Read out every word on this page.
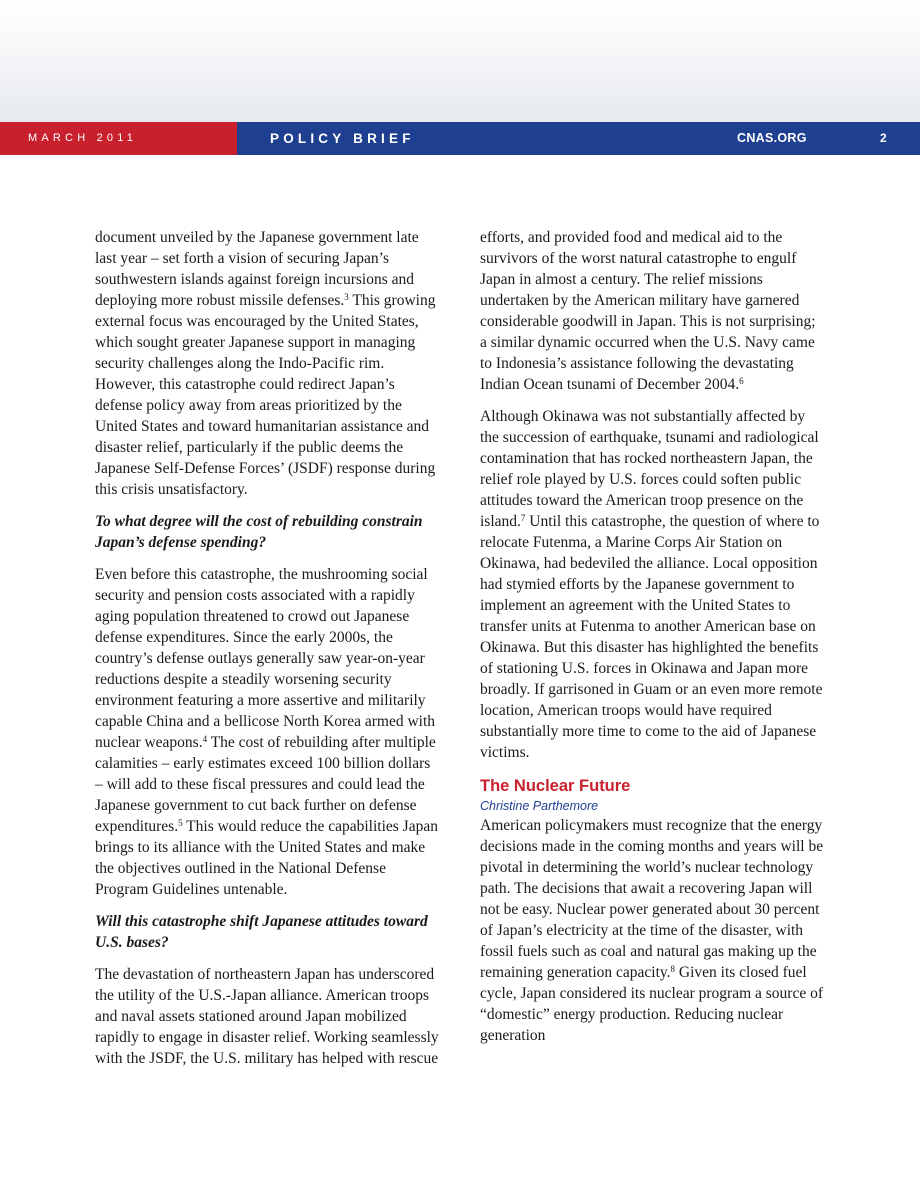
MARCH 2011	POLICY BRIEF	CNAS.ORG	2

document unveiled by the Japanese government late last year – set forth a vision of securing Japan’s southwestern islands against foreign incursions and deploying more robust missile defenses.$^3$ This growing external focus was encouraged by the United States, which sought greater Japanese support in managing security challenges along the Indo-Pacific rim. However, this catastrophe could redirect Japan’s defense policy away from areas prioritized by the United States and toward humanitarian assistance and disaster relief, particularly if the public deems the Japanese Self-Defense Forces’ (JSDF) response during this crisis unsatisfactory.

To what degree will the cost of rebuilding constrain Japan’s defense spending?

Even before this catastrophe, the mushrooming social security and pension costs associated with a rapidly aging population threatened to crowd out Japanese defense expenditures. Since the early 2000s, the country’s defense outlays generally saw year-on-year reductions despite a steadily worsening security environment featuring a more assertive and militarily capable China and a bellicose North Korea armed with nuclear weapons.$^4$ The cost of rebuilding after multiple calamities – early estimates exceed 100 billion dollars – will add to these fiscal pressures and could lead the Japanese government to cut back further on defense expenditures.$^5$ This would reduce the capabilities Japan brings to its alliance with the United States and make the objectives outlined in the National Defense Program Guidelines untenable.

Will this catastrophe shift Japanese attitudes toward U.S. bases?

The devastation of northeastern Japan has underscored the utility of the U.S.-Japan alliance. American troops and naval assets stationed around Japan mobilized rapidly to engage in disaster relief. Working seamlessly with the JSDF, the U.S. military has helped with rescue

efforts, and provided food and medical aid to the survivors of the worst natural catastrophe to engulf Japan in almost a century. The relief missions undertaken by the American military have garnered considerable goodwill in Japan. This is not surprising; a similar dynamic occurred when the U.S. Navy came to Indonesia’s assistance following the devastating Indian Ocean tsunami of December 2004.$^6$

Although Okinawa was not substantially affected by the succession of earthquake, tsunami and radiological contamination that has rocked northeastern Japan, the relief role played by U.S. forces could soften public attitudes toward the American troop presence on the island.$^7$ Until this catastrophe, the question of where to relocate Futenma, a Marine Corps Air Station on Okinawa, had bedeviled the alliance. Local opposition had stymied efforts by the Japanese government to implement an agreement with the United States to transfer units at Futenma to another American base on Okinawa. But this disaster has highlighted the benefits of stationing U.S. forces in Okinawa and Japan more broadly. If garrisoned in Guam or an even more remote location, American troops would have required substantially more time to come to the aid of Japanese victims.

The Nuclear Future
Christine Parthemore

American policymakers must recognize that the energy decisions made in the coming months and years will be pivotal in determining the world’s nuclear technology path. The decisions that await a recovering Japan will not be easy. Nuclear power generated about 30 percent of Japan’s electricity at the time of the disaster, with fossil fuels such as coal and natural gas making up the remaining generation capacity.$^8$ Given its closed fuel cycle, Japan considered its nuclear program a source of “domestic” energy production. Reducing nuclear generation
